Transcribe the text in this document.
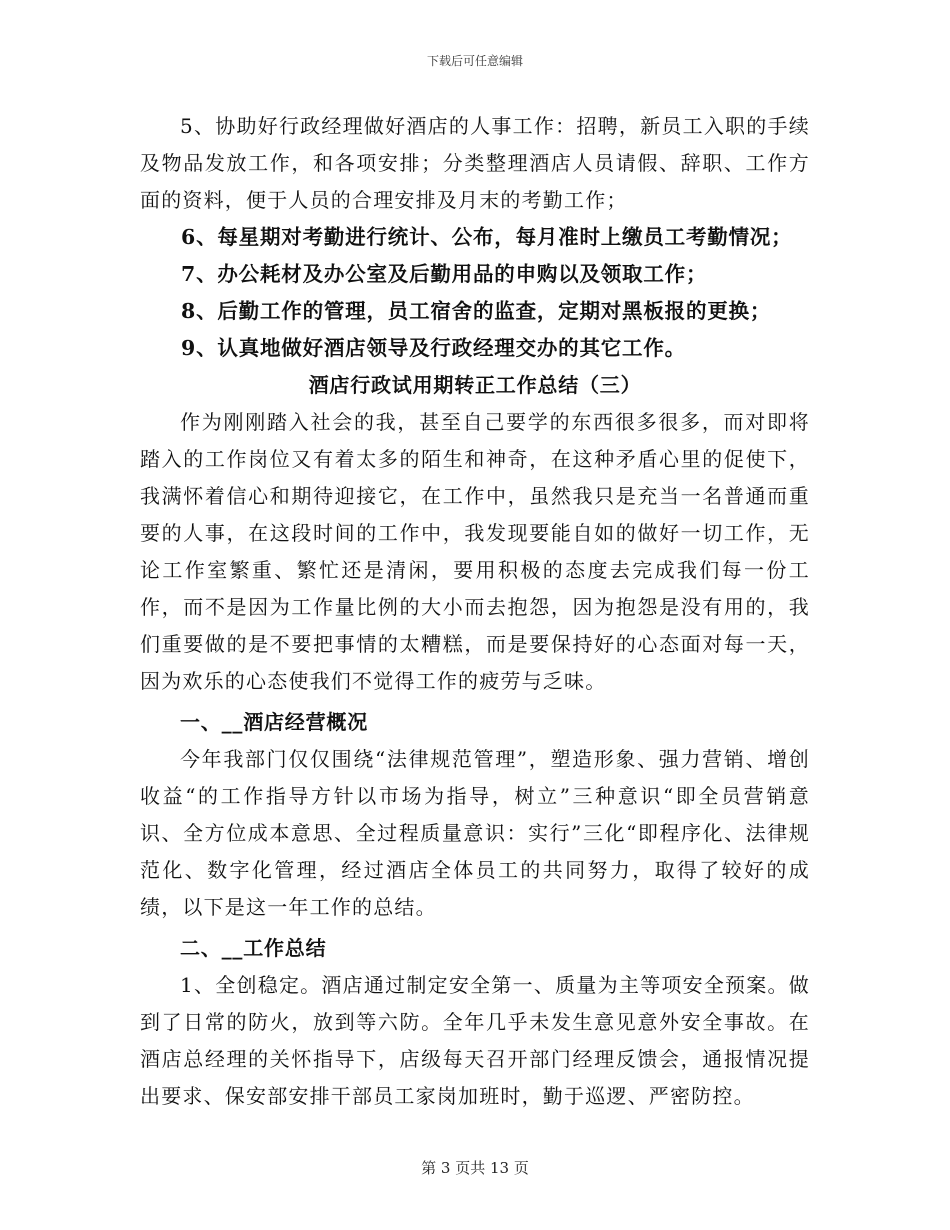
下载后可任意编辑

5、协助好行政经理做好酒店的人事工作：招聘，新员工入职的手续及物品发放工作，和各项安排；分类整理酒店人员请假、辞职、工作方面的资料，便于人员的合理安排及月末的考勤工作；

6、每星期对考勤进行统计、公布，每月准时上缴员工考勤情况；

7、办公耗材及办公室及后勤用品的申购以及领取工作；

8、后勤工作的管理，员工宿舍的监查，定期对黑板报的更换；

9、认真地做好酒店领导及行政经理交办的其它工作。

酒店行政试用期转正工作总结（三）

作为刚刚踏入社会的我，甚至自己要学的东西很多很多，而对即将踏入的工作岗位又有着太多的陌生和神奇，在这种矛盾心里的促使下，我满怀着信心和期待迎接它，在工作中，虽然我只是充当一名普通而重要的人事，在这段时间的工作中，我发现要能自如的做好一切工作，无论工作室繁重、繁忙还是清闲，要用积极的态度去完成我们每一份工作，而不是因为工作量比例的大小而去抱怨，因为抱怨是没有用的，我们重要做的是不要把事情的太糟糕，而是要保持好的心态面对每一天，因为欢乐的心态使我们不觉得工作的疲劳与乏味。

一、__酒店经营概况

今年我部门仅仅围绕“法律规范管理”，塑造形象、强力营销、增创收益“的工作指导方针以市场为指导，树立”三种意识“即全员营销意识、全方位成本意思、全过程质量意识：实行”三化“即程序化、法律规范化、数字化管理，经过酒店全体员工的共同努力，取得了较好的成绩，以下是这一年工作的总结。

二、__工作总结

1、全创稳定。酒店通过制定安全第一、质量为主等项安全预案。做到了日常的防火，放到等六防。全年几乎未发生意见意外安全事故。在酒店总经理的关怀指导下，店级每天召开部门经理反馈会，通报情况提出要求、保安部安排干部员工家岗加班时，勤于巡逻、严密防控。

第 3 页共 13 页
